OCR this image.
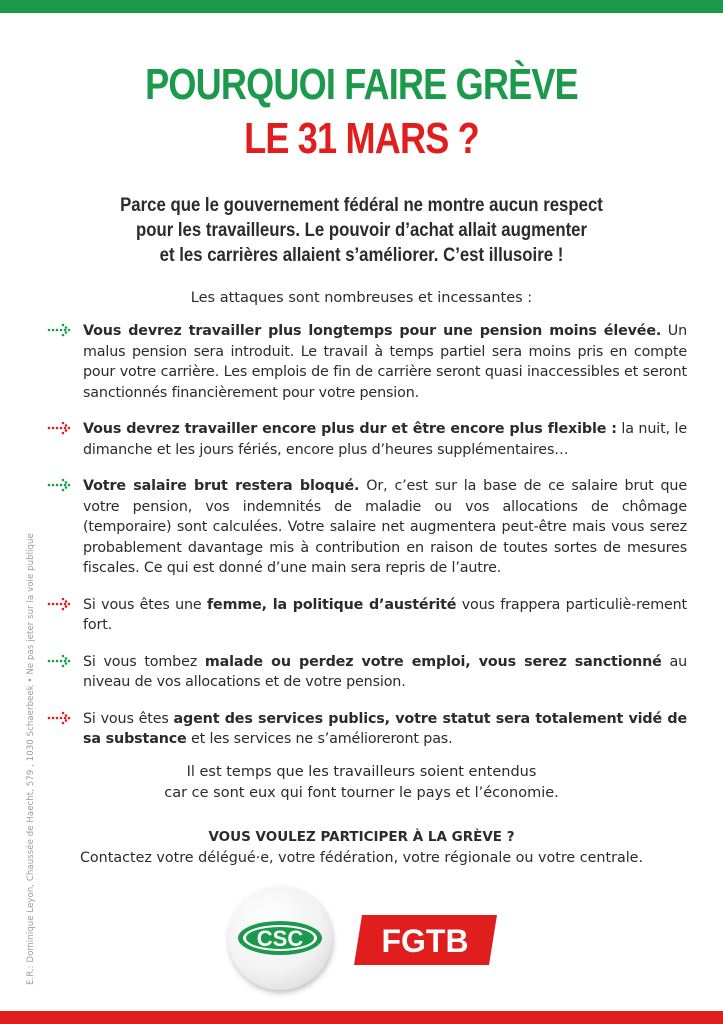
POURQUOI FAIRE GRÈVE
LE 31 MARS ?
Parce que le gouvernement fédéral ne montre aucun respect
pour les travailleurs. Le pouvoir d’achat allait augmenter
et les carrières allaient s’améliorer. C’est illusoire !
Les attaques sont nombreuses et incessantes :

Vous devrez travailler plus longtemps pour une pension moins élevée. Un malus pension sera introduit. Le travail à temps partiel sera moins pris en compte pour votre carrière. Les emplois de fin de carrière seront quasi inaccessibles et seront sanctionnés financièrement pour votre pension.

Vous devrez travailler encore plus dur et être encore plus flexible : la nuit, le dimanche et les jours fériés, encore plus d’heures supplémentaires…

Votre salaire brut restera bloqué. Or, c’est sur la base de ce salaire brut que votre pension, vos indemnités de maladie ou vos allocations de chômage (temporaire) sont calculées. Votre salaire net augmentera peut-être mais vous serez probablement davantage mis à contribution en raison de toutes sortes de mesures fiscales. Ce qui est donné d’une main sera repris de l’autre.

Si vous êtes une femme, la politique d’austérité vous frappera particuliè-rement fort.

Si vous tombez malade ou perdez votre emploi, vous serez sanctionné au niveau de vos allocations et de votre pension.

Si vous êtes agent des services publics, votre statut sera totalement vidé de sa substance et les services ne s’amélioreront pas.

Il est temps que les travailleurs soient entendus
car ce sont eux qui font tourner le pays et l’économie.
VOUS VOULEZ PARTICIPER À LA GRÈVE ?
Contactez votre délégué·e, votre fédération, votre régionale ou votre centrale.
E.R.: Dominique Leyon, Chaussée de Haecht, 579 , 1030 Schaerbeek • Ne pas jeter sur la voie publique	CSC FGTB
